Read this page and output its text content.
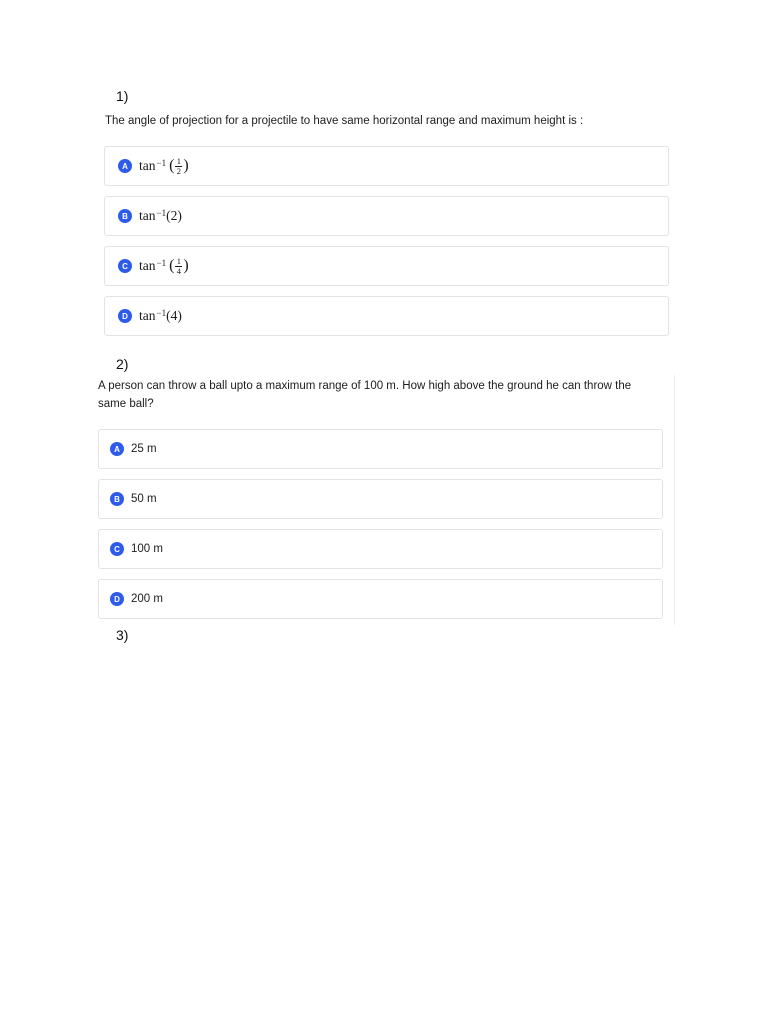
1)
The angle of projection for a projectile to have same horizontal range and maximum height is :
A $\tan^{-1}$ ( $\frac{1}{2}$ )
B $\tan^{-1} (2)$
C $\tan^{-1}$ ( $\frac{1}{4}$ )
D $\tan^{-1} (4)$
2)
A person can throw a ball upto a maximum range of 100 m. How high above the ground he can throw the
same ball?
A 25 m
B 50 m
C 100 m
D 200 m
3)
